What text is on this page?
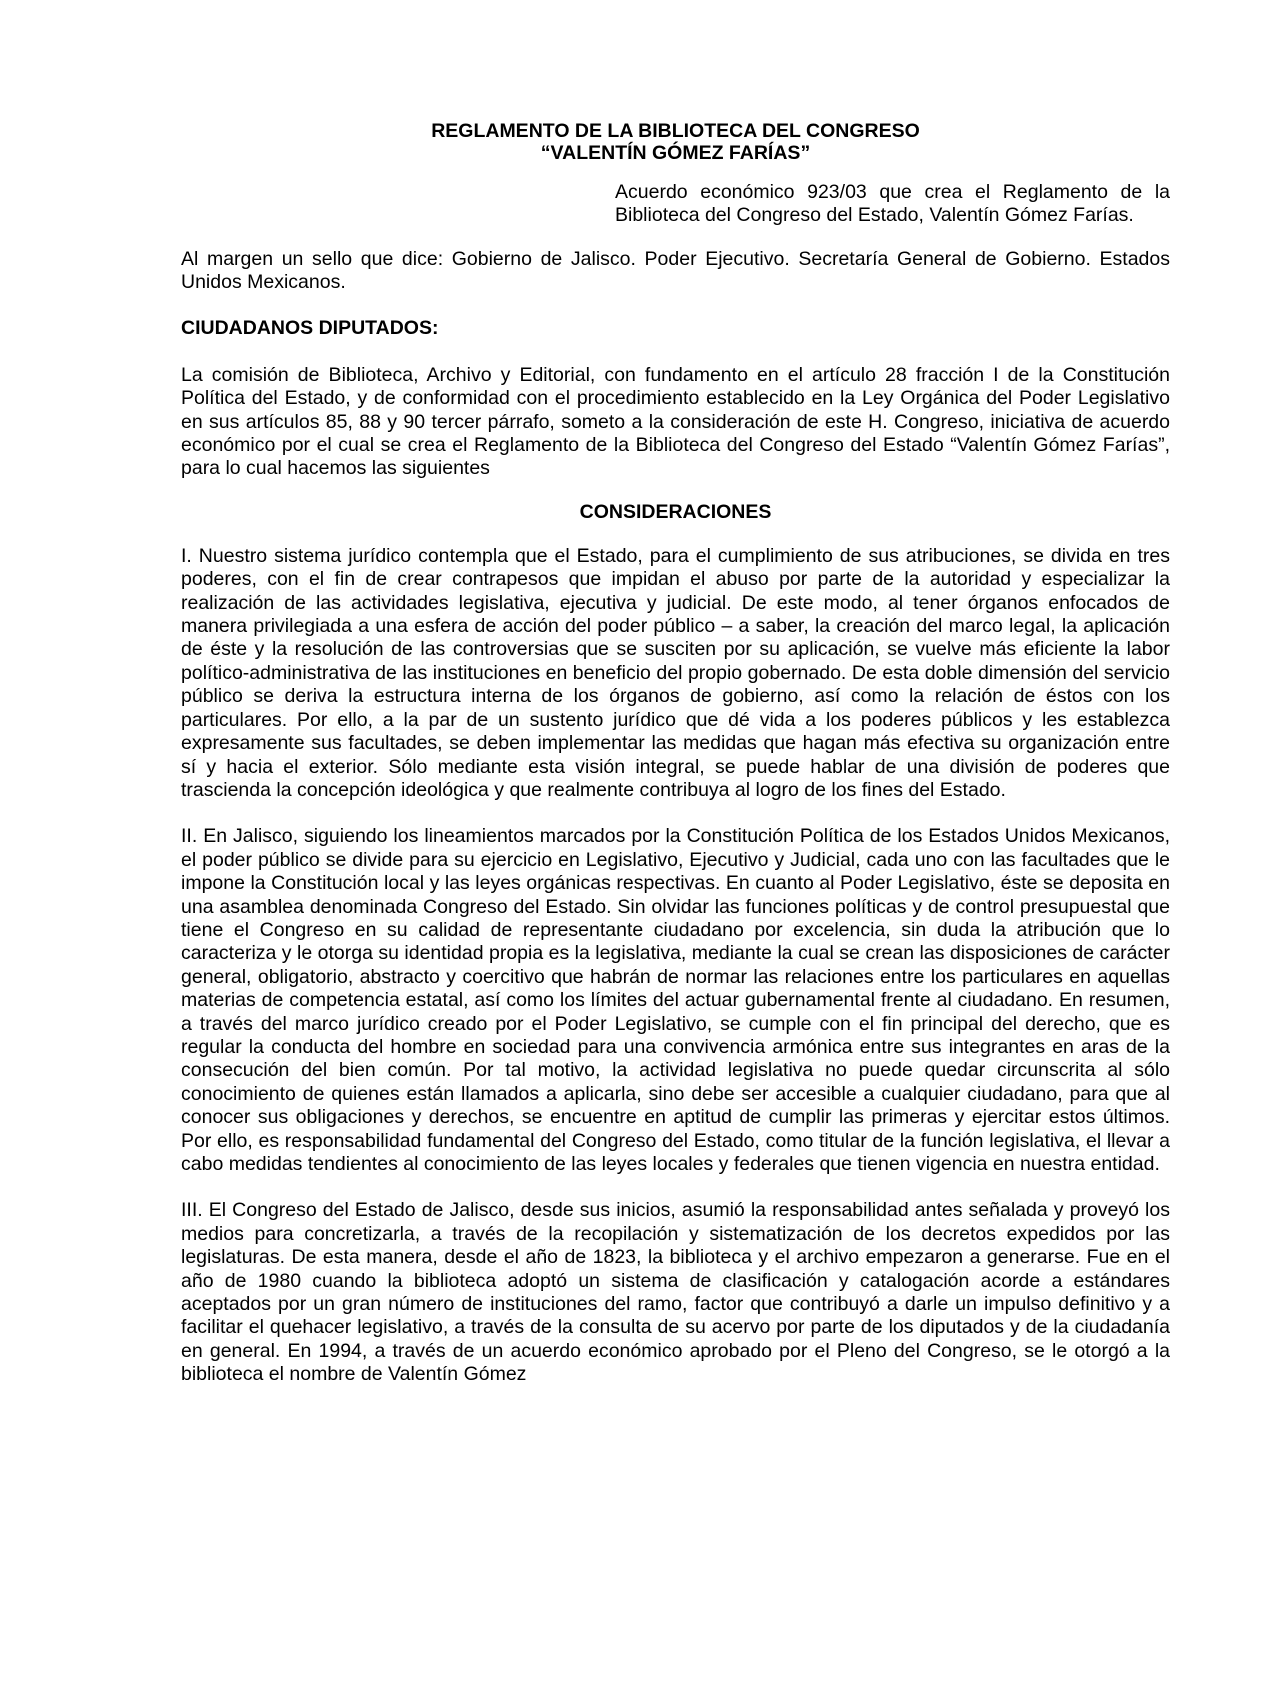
REGLAMENTO DE LA BIBLIOTECA DEL CONGRESO
“VALENTÍN GÓMEZ FARÍAS”

Acuerdo económico 923/03 que crea el Reglamento de la Biblioteca del Congreso del Estado, Valentín Gómez Farías.

Al margen un sello que dice: Gobierno de Jalisco. Poder Ejecutivo. Secretaría General de Gobierno. Estados Unidos Mexicanos.

CIUDADANOS DIPUTADOS:

La comisión de Biblioteca, Archivo y Editorial, con fundamento en el artículo 28 fracción I de la Constitución Política del Estado, y de conformidad con el procedimiento establecido en la Ley Orgánica del Poder Legislativo en sus artículos 85, 88 y 90 tercer párrafo, someto a la consideración de este H. Congreso, iniciativa de acuerdo económico por el cual se crea el Reglamento de la Biblioteca del Congreso del Estado “Valentín Gómez Farías”, para lo cual hacemos las siguientes

CONSIDERACIONES

I. Nuestro sistema jurídico contempla que el Estado, para el cumplimiento de sus atribuciones, se divida en tres poderes, con el fin de crear contrapesos que impidan el abuso por parte de la autoridad y especializar la realización de las actividades legislativa, ejecutiva y judicial. De este modo, al tener órganos enfocados de manera privilegiada a una esfera de acción del poder público – a saber, la creación del marco legal, la aplicación de éste y la resolución de las controversias que se susciten por su aplicación, se vuelve más eficiente la labor político-administrativa de las instituciones en beneficio del propio gobernado. De esta doble dimensión del servicio público se deriva la estructura interna de los órganos de gobierno, así como la relación de éstos con los particulares. Por ello, a la par de un sustento jurídico que dé vida a los poderes públicos y les establezca expresamente sus facultades, se deben implementar las medidas que hagan más efectiva su organización entre sí y hacia el exterior. Sólo mediante esta visión integral, se puede hablar de una división de poderes que trascienda la concepción ideológica y que realmente contribuya al logro de los fines del Estado.

II. En Jalisco, siguiendo los lineamientos marcados por la Constitución Política de los Estados Unidos Mexicanos, el poder público se divide para su ejercicio en Legislativo, Ejecutivo y Judicial, cada uno con las facultades que le impone la Constitución local y las leyes orgánicas respectivas. En cuanto al Poder Legislativo, éste se deposita en una asamblea denominada Congreso del Estado. Sin olvidar las funciones políticas y de control presupuestal que tiene el Congreso en su calidad de representante ciudadano por excelencia, sin duda la atribución que lo caracteriza y le otorga su identidad propia es la legislativa, mediante la cual se crean las disposiciones de carácter general, obligatorio, abstracto y coercitivo que habrán de normar las relaciones entre los particulares en aquellas materias de competencia estatal, así como los límites del actuar gubernamental frente al ciudadano. En resumen, a través del marco jurídico creado por el Poder Legislativo, se cumple con el fin principal del derecho, que es regular la conducta del hombre en sociedad para una convivencia armónica entre sus integrantes en aras de la consecución del bien común. Por tal motivo, la actividad legislativa no puede quedar circunscrita al sólo conocimiento de quienes están llamados a aplicarla, sino debe ser accesible a cualquier ciudadano, para que al conocer sus obligaciones y derechos, se encuentre en aptitud de cumplir las primeras y ejercitar estos últimos. Por ello, es responsabilidad fundamental del Congreso del Estado, como titular de la función legislativa, el llevar a cabo medidas tendientes al conocimiento de las leyes locales y federales que tienen vigencia en nuestra entidad.

III. El Congreso del Estado de Jalisco, desde sus inicios, asumió la responsabilidad antes señalada y proveyó los medios para concretizarla, a través de la recopilación y sistematización de los decretos expedidos por las legislaturas. De esta manera, desde el año de 1823, la biblioteca y el archivo empezaron a generarse. Fue en el año de 1980 cuando la biblioteca adoptó un sistema de clasificación y catalogación acorde a estándares aceptados por un gran número de instituciones del ramo, factor que contribuyó a darle un impulso definitivo y a facilitar el quehacer legislativo, a través de la consulta de su acervo por parte de los diputados y de la ciudadanía en general. En 1994, a través de un acuerdo económico aprobado por el Pleno del Congreso, se le otorgó a la biblioteca el nombre de Valentín Gómez
